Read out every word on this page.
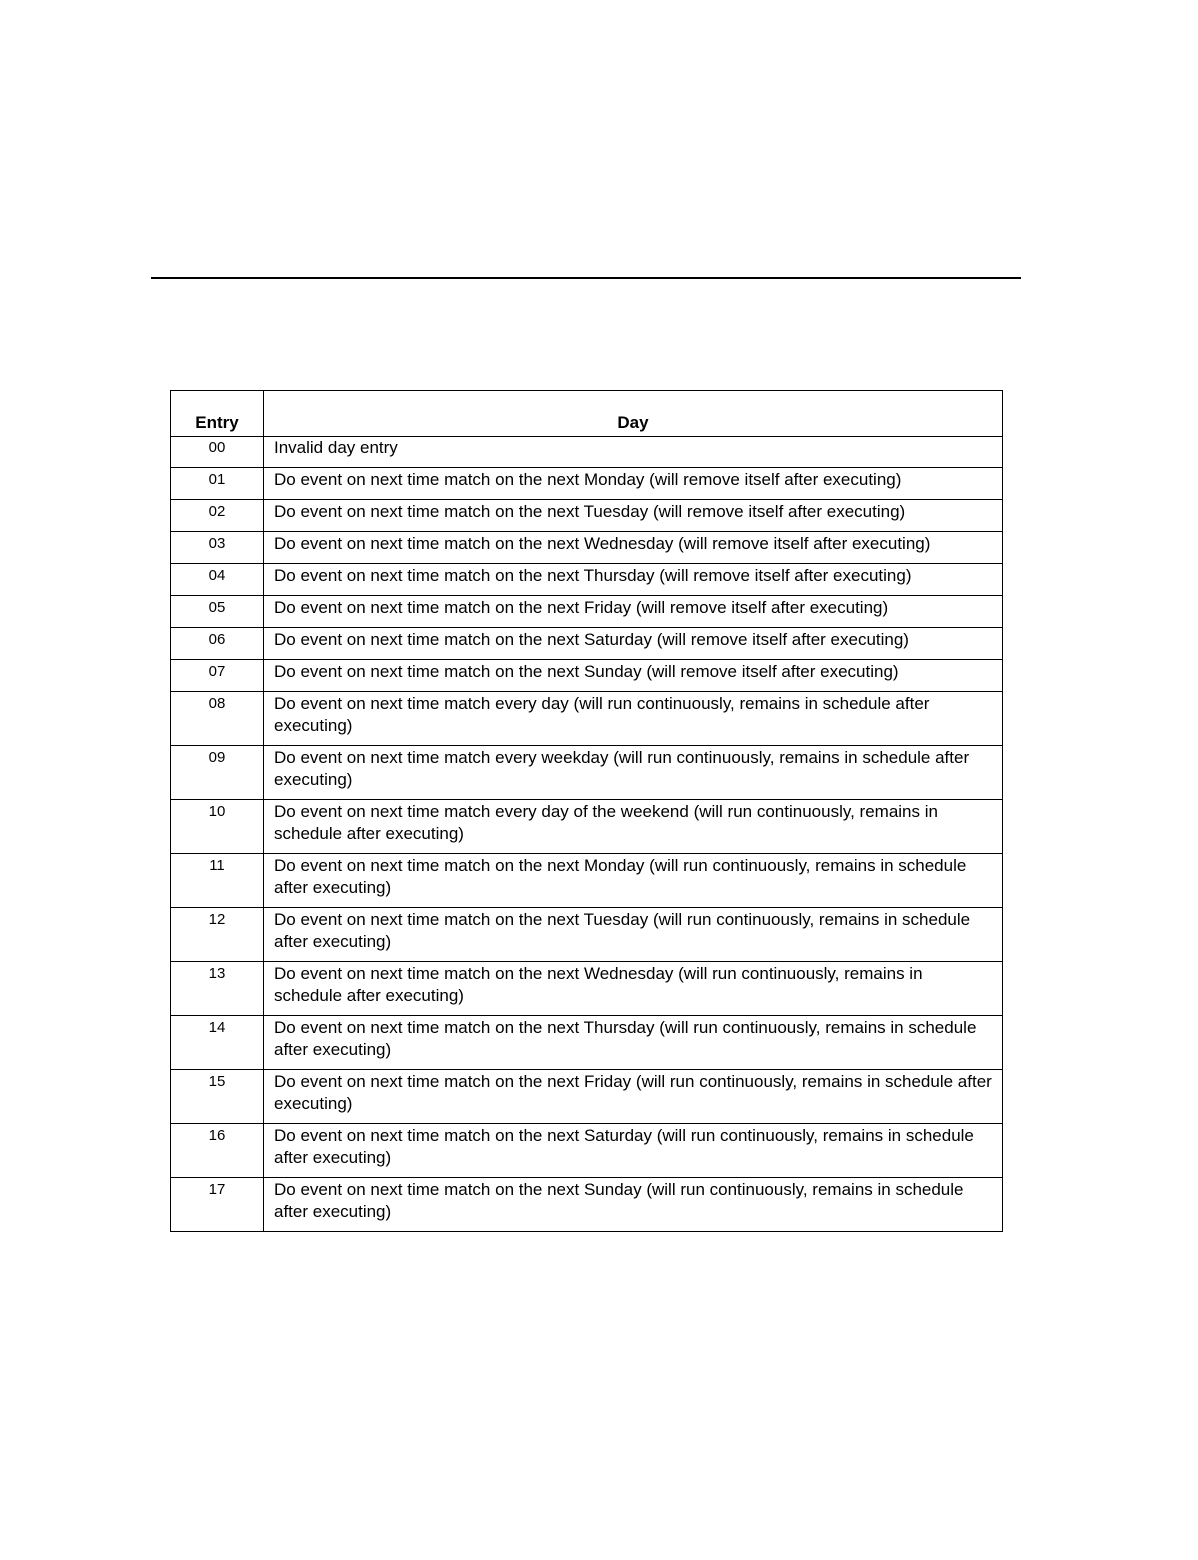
Entry	Day
00	Invalid day entry
01	Do event on next time match on the next Monday (will remove itself after executing)
02	Do event on next time match on the next Tuesday (will remove itself after executing)
03	Do event on next time match on the next Wednesday (will remove itself after executing)
04	Do event on next time match on the next Thursday (will remove itself after executing)
05	Do event on next time match on the next Friday (will remove itself after executing)
06	Do event on next time match on the next Saturday (will remove itself after executing)
07	Do event on next time match on the next Sunday (will remove itself after executing)
08	Do event on next time match every day (will run continuously, remains in schedule after executing)
09	Do event on next time match every weekday (will run continuously, remains in schedule after executing)
10	Do event on next time match every day of the weekend (will run continuously, remains in schedule after executing)
11	Do event on next time match on the next Monday (will run continuously, remains in schedule after executing)
12	Do event on next time match on the next Tuesday (will run continuously, remains in schedule after executing)
13	Do event on next time match on the next Wednesday (will run continuously, remains in schedule after executing)
14	Do event on next time match on the next Thursday (will run continuously, remains in schedule after executing)
15	Do event on next time match on the next Friday (will run continuously, remains in schedule after executing)
16	Do event on next time match on the next Saturday (will run continuously, remains in schedule after executing)
17	Do event on next time match on the next Sunday (will run continuously, remains in schedule after executing)
